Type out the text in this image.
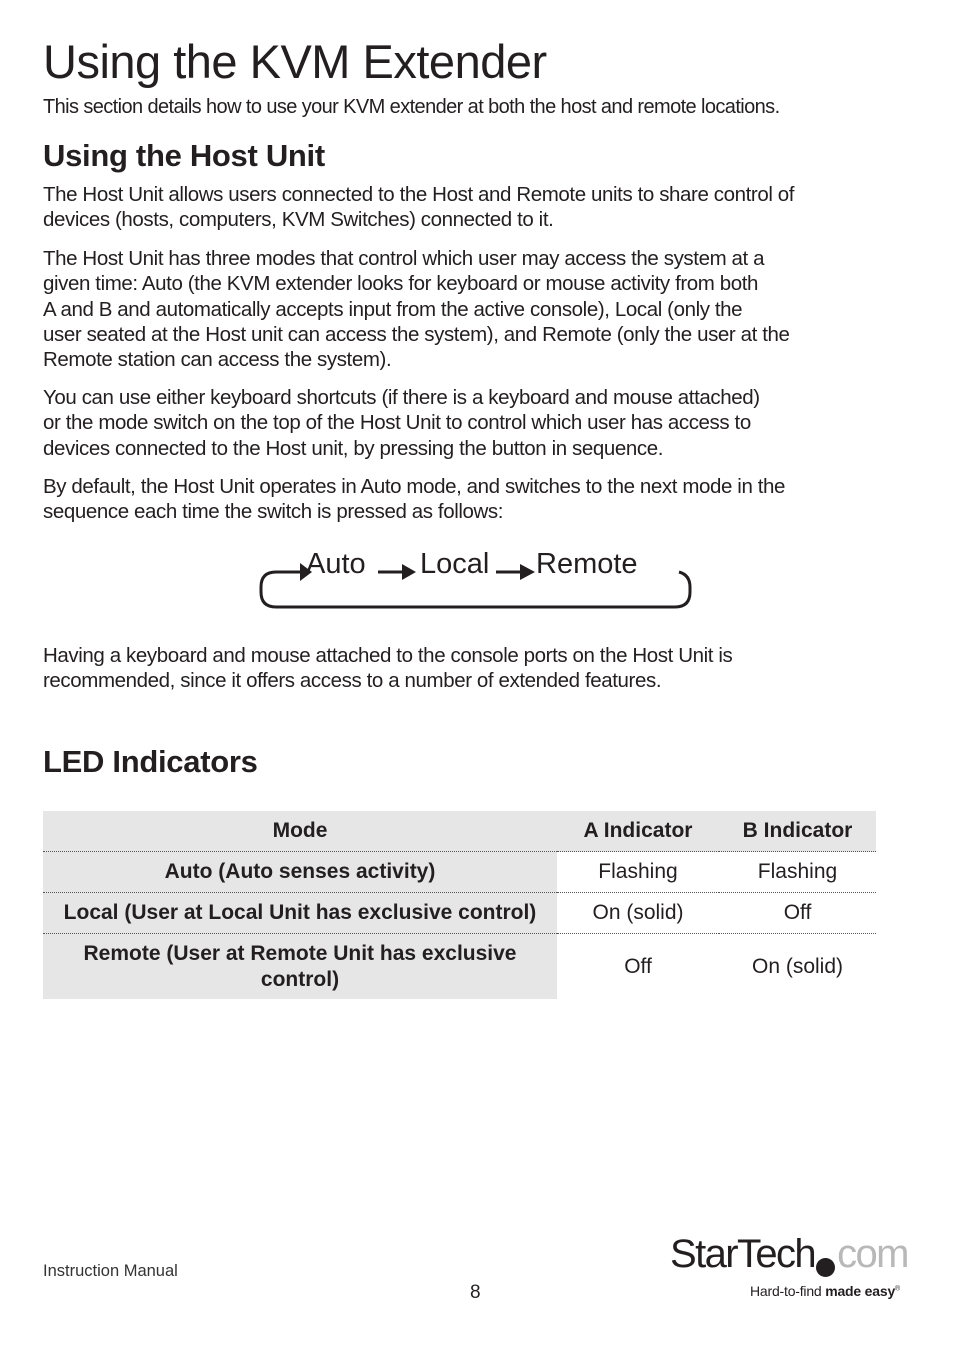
Using the KVM Extender
This section details how to use your KVM extender at both the host and remote locations.
Using the Host Unit
The Host Unit allows users connected to the Host and Remote units to share control of
devices (hosts, computers, KVM Switches) connected to it.
The Host Unit has three modes that control which user may access the system at a
given time: Auto (the KVM extender looks for keyboard or mouse activity from both
A and B and automatically accepts input from the active console), Local (only the
user seated at the Host unit can access the system), and Remote (only the user at the
Remote station can access the system).
You can use either keyboard shortcuts (if there is a keyboard and mouse attached)
or the mode switch on the top of the Host Unit to control which user has access to
devices connected to the Host unit, by pressing the button in sequence.
By default, the Host Unit operates in Auto mode, and switches to the next mode in the
sequence each time the switch is pressed as follows:
Auto Local Remote
Having a keyboard and mouse attached to the console ports on the Host Unit is
recommended, since it offers access to a number of extended features.
LED Indicators
Mode	A Indicator	B Indicator
Auto (Auto senses activity)	Flashing	Flashing
Local (User at Local Unit has exclusive control)	On (solid)	Off
Remote (User at Remote Unit has exclusive control)	Off	On (solid)
Instruction Manual
8
StarTech com
Hard-to-find made easy®
